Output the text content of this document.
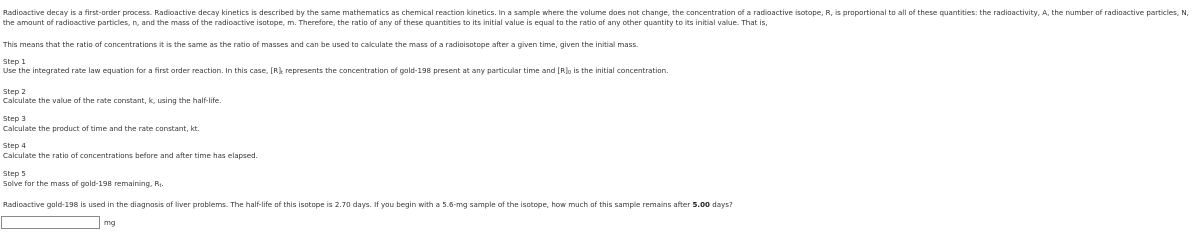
Radioactive decay is a first-order process. Radioactive decay kinetics is described by the same mathematics as chemical reaction kinetics. In a sample where the volume does not change, the concentration of a radioactive isotope, R, is proportional to all of these quantities: the radioactivity, A, the number of radioactive particles, N, the amount of radioactive particles, n, and the mass of the radioactive isotope, m. Therefore, the ratio of any of these quantities to its initial value is equal to the ratio of any other quantity to its initial value. That is,

This means that the ratio of concentrations it is the same as the ratio of masses and can be used to calculate the mass of a radioisotope after a given time, given the initial mass.

Step 1

Use the integrated rate law equation for a first order reaction. In this case, $[R]_t$ represents the concentration of gold-198 present at any particular time and $[R]_0$ is the initial concentration.

Step 2

Calculate the value of the rate constant, k, using the half-life.

Step 3

Calculate the product of time and the rate constant, kt.

Step 4

Calculate the ratio of concentrations before and after time has elapsed.

Step 5

Solve for the mass of gold-198 remaining, $R_t$.

Radioactive gold-198 is used in the diagnosis of liver problems. The half-life of this isotope is 2.70 days. If you begin with a 5.6-mg sample of the isotope, how much of this sample remains after 5.00 days?

mg
